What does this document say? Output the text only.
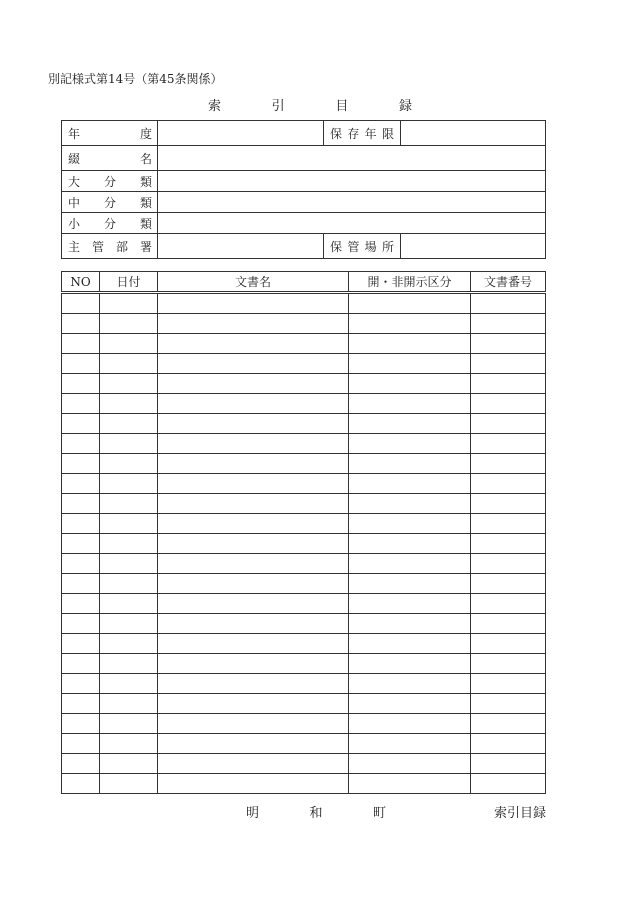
別記様式第14号（第45条関係）
索	引	目	録
年 度		保 存 年 限	

綴 名			

大 分 類			

中 分 類			

小 分 類			

主 管 部 署		保 管 場 所	

NO	日付	文書名	開・非開示区分	文書番号

明	和	町	索引目録
